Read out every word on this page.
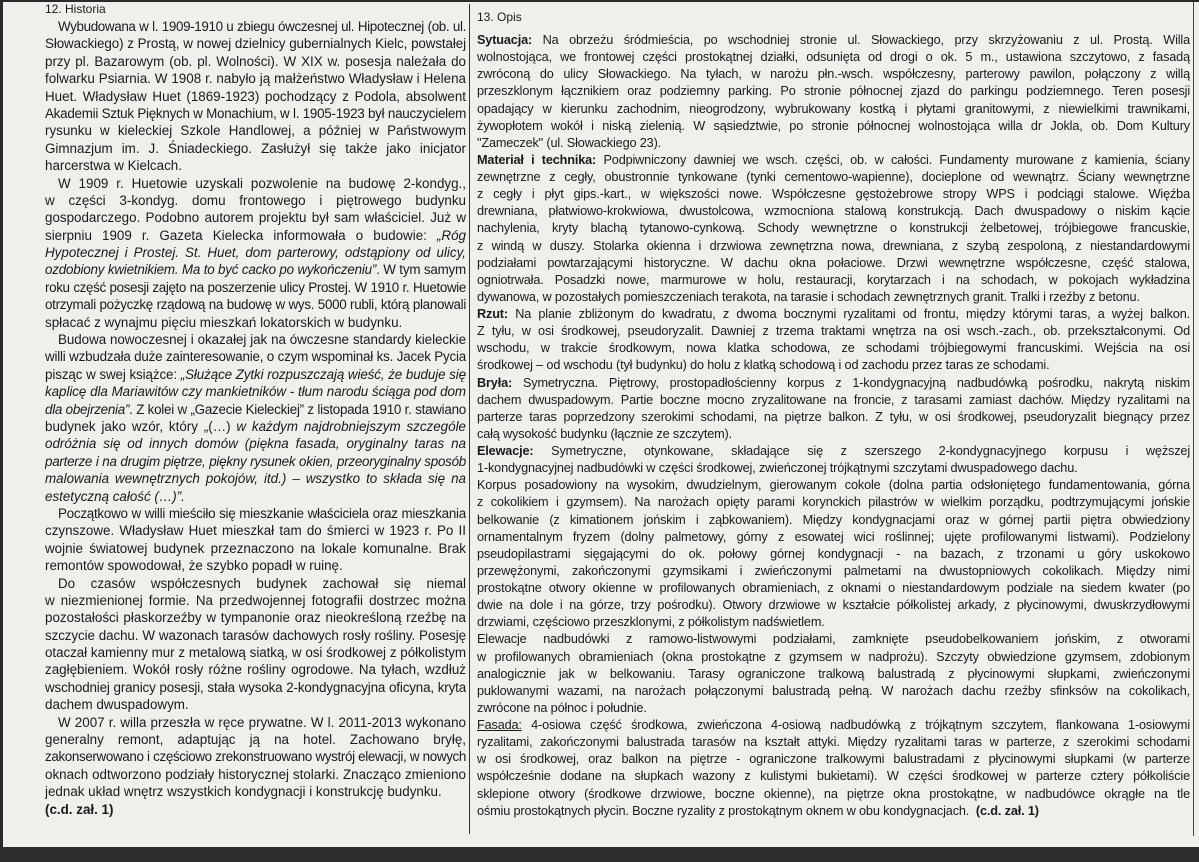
12. Historia
Wybudowana w l. 1909-1910 u zbiegu ówczesnej ul. Hipotecznej (ob. ul.
Słowackiego) z Prostą, w nowej dzielnicy gubernialnych Kielc, powstałej
przy pl. Bazarowym (ob. pl. Wolności). W XIX w. posesja należała do
folwarku Psiarnia. W 1908 r. nabyło ją małżeństwo Władysław i Helena
Huet. Władysław Huet (1869-1923) pochodzący z Podola, absolwent
Akademii Sztuk Pięknych w Monachium, w l. 1905-1923 był nauczycielem
rysunku w kieleckiej Szkole Handlowej, a później w Państwowym
Gimnazjum im. J. Śniadeckiego. Zasłużył się także jako inicjator
harcerstwa w Kielcach.
W 1909 r. Huetowie uzyskali pozwolenie na budowę 2-kondyg.,
w części 3-kondyg. domu frontowego i piętrowego budynku
gospodarczego. Podobno autorem projektu był sam właściciel. Już w
sierpniu 1909 r. Gazeta Kielecka informowała o budowie: „Róg
Hypotecznej i Prostej. St. Huet, dom parterowy, odstąpiony od ulicy,
ozdobiony kwietnikiem. Ma to być cacko po wykończeniu”. W tym samym
roku część posesji zajęto na poszerzenie ulicy Prostej. W 1910 r. Huetowie
otrzymali pożyczkę rządową na budowę w wys. 5000 rubli, którą planowali
spłacać z wynajmu pięciu mieszkań lokatorskich w budynku.
Budowa nowoczesnej i okazałej jak na ówczesne standardy kieleckie
willi wzbudzała duże zainteresowanie, o czym wspominał ks. Jacek Pycia
pisząc w swej książce: „Służące Zytki rozpuszczają wieść, że buduje się
kaplicę dla Mariawitów czy mankietników - tłum narodu ściąga pod dom
dla obejrzenia”. Z kolei w „Gazecie Kieleckiej” z listopada 1910 r. stawiano
budynek jako wzór, który „(…) w każdym najdrobniejszym szczególe
odróżnia się od innych domów (piękna fasada, oryginalny taras na
parterze i na drugim piętrze, piękny rysunek okien, przeoryginalny sposób
malowania wewnętrznych pokojów, itd.) – wszystko to składa się na
estetyczną całość (…)”.
Początkowo w willi mieściło się mieszkanie właściciela oraz mieszkania
czynszowe. Władysław Huet mieszkał tam do śmierci w 1923 r. Po II
wojnie światowej budynek przeznaczono na lokale komunalne. Brak
remontów spowodował, że szybko popadł w ruinę.
Do czasów współczesnych budynek zachował się niemal
w niezmienionej formie. Na przedwojennej fotografii dostrzec można
pozostałości płaskorzeźby w tympanonie oraz nieokreśloną rzeźbę na
szczycie dachu. W wazonach tarasów dachowych rosły rośliny. Posesję
otaczał kamienny mur z metalową siatką, w osi środkowej z półkolistym
zagłębieniem. Wokół rosły różne rośliny ogrodowe. Na tyłach, wzdłuż
wschodniej granicy posesji, stała wysoka 2-kondygnacyjna oficyna, kryta
dachem dwuspadowym.
W 2007 r. willa przeszła w ręce prywatne. W l. 2011-2013 wykonano
generalny remont, adaptując ją na hotel. Zachowano bryłę,
zakonserwowano i częściowo zrekonstruowano wystrój elewacji, w nowych
oknach odtworzono podziały historycznej stolarki. Znacząco zmieniono
jednak układ wnętrz wszystkich kondygnacji i konstrukcję budynku.
(c.d. zał. 1)
13. Opis
Sytuacja: Na obrzeżu śródmieścia, po wschodniej stronie ul. Słowackiego, przy skrzyżowaniu z ul. Prostą. Willa
wolnostojąca, we frontowej części prostokątnej działki, odsunięta od drogi o ok. 5 m., ustawiona szczytowo, z fasadą
zwróconą do ulicy Słowackiego. Na tyłach, w narożu płn.-wsch. współczesny, parterowy pawilon, połączony z willą
przeszklonym łącznikiem oraz podziemny parking. Po stronie północnej zjazd do parkingu podziemnego. Teren posesji
opadający w kierunku zachodnim, nieogrodzony, wybrukowany kostką i płytami granitowymi, z niewielkimi trawnikami,
żywopłotem wokół i niską zielenią. W sąsiedztwie, po stronie północnej wolnostojąca willa dr Jokla, ob. Dom Kultury
"Zameczek" (ul. Słowackiego 23).
Materiał i technika: Podpiwniczony dawniej we wsch. części, ob. w całości. Fundamenty murowane z kamienia, ściany
zewnętrzne z cegły, obustronnie tynkowane (tynki cementowo-wapienne), docieplone od wewnątrz. Ściany wewnętrzne
z cegły i płyt gips.-kart., w większości nowe. Współczesne gęstożebrowe stropy WPS i podciągi stalowe. Więźba
drewniana, płatwiowo-krokwiowa, dwustolcowa, wzmocniona stalową konstrukcją. Dach dwuspadowy o niskim kącie
nachylenia, kryty blachą tytanowo-cynkową. Schody wewnętrzne o konstrukcji żelbetowej, trójbiegowe francuskie,
z windą w duszy. Stolarka okienna i drzwiowa zewnętrzna nowa, drewniana, z szybą zespoloną, z niestandardowymi
podziałami powtarzającymi historyczne. W dachu okna połaciowe. Drzwi wewnętrzne współczesne, część stalowa,
ogniotrwała. Posadzki nowe, marmurowe w holu, restauracji, korytarzach i na schodach, w pokojach wykładzina
dywanowa, w pozostałych pomieszczeniach terakota, na tarasie i schodach zewnętrznych granit. Tralki i rzeźby z betonu.
Rzut: Na planie zbliżonym do kwadratu, z dwoma bocznymi ryzalitami od frontu, między którymi taras, a wyżej balkon.
Z tyłu, w osi środkowej, pseudoryzalit. Dawniej z trzema traktami wnętrza na osi wsch.-zach., ob. przekształconymi. Od
wschodu, w trakcie środkowym, nowa klatka schodowa, ze schodami trójbiegowymi francuskimi. Wejścia na osi
środkowej – od wschodu (tył budynku) do holu z klatką schodową i od zachodu przez taras ze schodami.
Bryła: Symetryczna. Piętrowy, prostopadłościenny korpus z 1-kondygnacyjną nadbudówką pośrodku, nakrytą niskim
dachem dwuspadowym. Partie boczne mocno zryzalitowane na froncie, z tarasami zamiast dachów. Między ryzalitami na
parterze taras poprzedzony szerokimi schodami, na piętrze balkon. Z tyłu, w osi środkowej, pseudoryzalit biegnący przez
całą wysokość budynku (łącznie ze szczytem).
Elewacje: Symetryczne, otynkowane, składające się z szerszego 2-kondygnacyjnego korpusu i węższej
1-kondygnacyjnej nadbudówki w części środkowej, zwieńczonej trójkątnymi szczytami dwuspadowego dachu.
Korpus posadowiony na wysokim, dwudzielnym, gierowanym cokole (dolna partia odsłoniętego fundamentowania, górna
z cokolikiem i gzymsem). Na narożach opięty parami korynckich pilastrów w wielkim porządku, podtrzymującymi jońskie
belkowanie (z kimationem jońskim i ząbkowaniem). Między kondygnacjami oraz w górnej partii piętra obwiedziony
ornamentalnym fryzem (dolny palmetowy, górny z esowatej wici roślinnej; ujęte profilowanymi listwami). Podzielony
pseudopilastrami sięgającymi do ok. połowy górnej kondygnacji - na bazach, z trzonami u góry uskokowo
przewężonymi, zakończonymi gzymsikami i zwieńczonymi palmetami na dwustopniowych cokolikach. Między nimi
prostokątne otwory okienne w profilowanych obramieniach, z oknami o niestandardowym podziale na siedem kwater (po
dwie na dole i na górze, trzy pośrodku). Otwory drzwiowe w kształcie półkolistej arkady, z płycinowymi, dwuskrzydłowymi
drzwiami, częściowo przeszklonymi, z półkolistym nadświetlem.
Elewacje nadbudówki z ramowo-listwowymi podziałami, zamknięte pseudobelkowaniem jońskim, z otworami
w profilowanych obramieniach (okna prostokątne z gzymsem w nadprożu). Szczyty obwiedzione gzymsem, zdobionym
analogicznie jak w belkowaniu. Tarasy ograniczone tralkową balustradą z płycinowymi słupkami, zwieńczonymi
puklowanymi wazami, na narożach połączonymi balustradą pełną. W narożach dachu rzeźby sfinksów na cokolikach,
zwrócone na północ i południe.
Fasada: 4-osiowa część środkowa, zwieńczona 4-osiową nadbudówką z trójkątnym szczytem, flankowana 1-osiowymi
ryzalitami, zakończonymi balustrada tarasów na kształt attyki. Między ryzalitami taras w parterze, z szerokimi schodami
w osi środkowej, oraz balkon na piętrze - ograniczone tralkowymi balustradami z płycinowymi słupkami (w parterze
współcześnie dodane na słupkach wazony z kulistymi bukietami). W części środkowej w parterze cztery półkoliście
sklepione otwory (środkowe drzwiowe, boczne okienne), na piętrze okna prostokątne, w nadbudówce okrągłe na tle
ośmiu prostokątnych płycin. Boczne ryzality z prostokątnym oknem w obu kondygnacjach.  (c.d. zał. 1)
